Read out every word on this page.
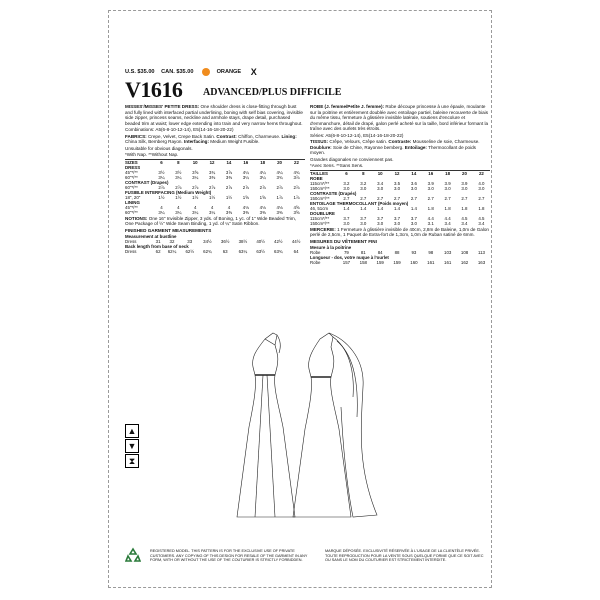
U.S. $35.00 CAN. $35.00	ORANGE X
V1616 ADVANCED/PLUS DIFFICILE

MISSES'/MISSES' PETITE DRESS: One shoulder dress is close-fitting through bust and fully lined with interfaced partial underlining, boning with self bias covering, invisible side zipper, princess seams, neckline and armhole stays, drape detail, purchased beaded trim at waist; lower edge extending into train and very narrow hems throughout.

Combinations: A5(6-8-10-12-14), E5(14-16-18-20-22)

FABRICS: Crepe, Velvet, Crepe Back Satin. Contrast: Chiffon, Charmeuse. Lining: China Silk, Bemberg Rayon. Interfacing: Medium Weight Fusible.

Unsuitable for obvious diagonals.

*With Nap. **Without Nap.

SIZES	6	8	10	12	14	16	18	20	22
DRESS									
45"*/**	3½	3½	3⅝	3¾	3⅞	4¼	4¼	4¼	4¾
60"*/**	3¼	3¼	3¼	3⅜	3⅜	3¼	3¼	3¾	3⅞
CONTRAST (Drapes)									
60"*/**	2⅞	2⅞	2⅞	2⅞	2⅞	2⅞	2⅞	2⅞	2⅞
FUSIBLE INTERFACING (Medium Weight)									
18", 20"	1½	1½	1½	1½	1½	1⅝	1⅝	1⅞	1⅞
LINING									
45"*/**	4	4	4	4	4	4⅛	4⅛	4⅛	4⅝
60"*/**	3¼	3¼	3¼	3¼	3⅜	3⅜	3⅜	3⅜	3⅝

NOTIONS: One 16" Invisible Zipper, 3 yds. of Boning, 1 yc. of 1" Wide Beaded Trim, One Package of ½" Wide Seam Binding, 1 yd. of ¼" Satin Ribbon.

FINISHED GARMENT MEASUREMENTS

Measurement at bustline									
Dress	31	32	33	34½	36½	38½	40½	42½	44½
Back length from base of neck									
Dress	62	62¼	62½	62¾	63	63¼	63½	63¾	64

ROBE (J. femme/Petite J. femme): Robe découpe princesse à une épaule, moulante sur la poitrine et entièrement doublée avec entoilage partiel, baleine recouverte de biais du même tissu, fermeture à glissière invisible latérale, soutiens d'encolure et d'emmanchure, détail de drapé, galon perlé acheté sur la taille, bord inférieur formant la traîne avec des ourlets très étroits.

Séries: A5(6-8-10-12-14), E5(14-16-18-20-22)

TISSUS: Crêpe, Velours, Crêpe satin. Contraste: Mousseline de soie, Charmeuse. Doublure: Soie de Chine, Rayonne bemberg. Entoilage: Thermocollant de poids moyen.

Grandes diagonales ne conviennent pas.

*Avec Sens. **Sans Sens.

TAILLES	6	8	10	12	14	16	18	20	22
ROBE									
115cm*/**	3.2	3.2	3.4	3.5	3.6	3.9	3.9	3.9	4.0
150cm*/**	3.0	3.0	3.0	3.0	3.0	3.0	3.0	3.0	3.0
CONTRASTE (Drapés)									
150cm*/**	2.7	2.7	2.7	2.7	2.7	2.7	2.7	2.7	2.7
ENTOILAGE THERMOCOLLANT (Poids moyen)									
46, 51cm	1.4	1.4	1.4	1.4	1.4	1.8	1.8	1.8	1.8
DOUBLURE									
115cm*/**	3.7	3.7	3.7	3.7	3.7	4.4	4.4	4.5	4.5
150cm*/**	3.0	3.0	3.0	3.0	3.0	3.1	3.4	3.4	3.4

MERCERIE: 1 Fermeture à glissière invisible de 40cm, 2,8m de Baleine, 1,0m de Galon perlé de 2,5cm, 1 Paquet de Extra-fort de 1,3cm, 1,0m de Ruban satiné de 6mm.

MESURES DU VÊTEMENT FINI

Mesure à la poitrine									
Robe	79	81	84	88	93	98	103	108	113
Longueur - dos, votre nuque à l'ourlet									
Robe	157	158	159	159	160	161	161	162	163
▲
▼
⧗
REGISTERED MODEL. THIS PATTERN IS FOR THE EXCLUSIVE USE OF PRIVATE CUSTOMERS. ANY COPYING OF THIS DESIGN FOR RESALE OF THE GARMENT IN ANY FORM, WITH OR WITHOUT THE USE OF THE COUTURIER IS STRICTLY FORBIDDEN.
MARQUE DÉPOSÉE. EXCLUSIVITÉ RÉSERVÉE À L'USAGE DE LA CLIENTÈLE PRIVÉE. TOUTE REPRODUCTION POUR LA VENTE SOUS QUELQUE FORME QUE CE SOIT AVEC OU SANS LE NOM DU COUTURIER EST STRICTEMENT INTERDITE.
